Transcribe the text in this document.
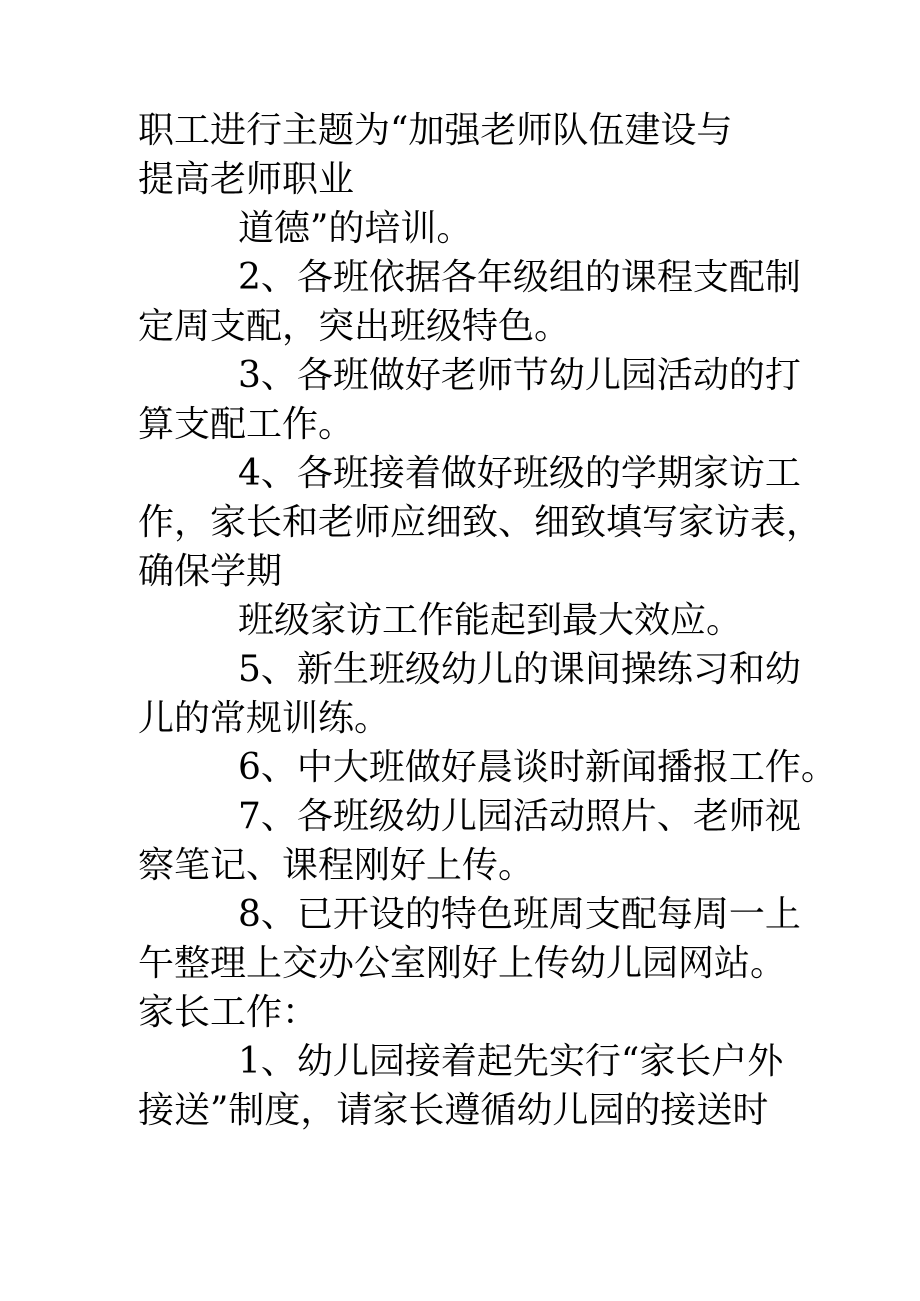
职工进行主题为“加强老师队伍建设与
提高老师职业
道德”的培训。
2、各班依据各年级组的课程支配制
定周支配，突出班级特色。
3、各班做好老师节幼儿园活动的打
算支配工作。
4、各班接着做好班级的学期家访工
作，家长和老师应细致、细致填写家访表，
确保学期
班级家访工作能起到最大效应。
5、新生班级幼儿的课间操练习和幼
儿的常规训练。
6、中大班做好晨谈时新闻播报工作。
7、各班级幼儿园活动照片、老师视
察笔记、课程刚好上传。
8、已开设的特色班周支配每周一上
午整理上交办公室刚好上传幼儿园网站。
家长工作：
1、幼儿园接着起先实行“家长户外
接送”制度，请家长遵循幼儿园的接送时
